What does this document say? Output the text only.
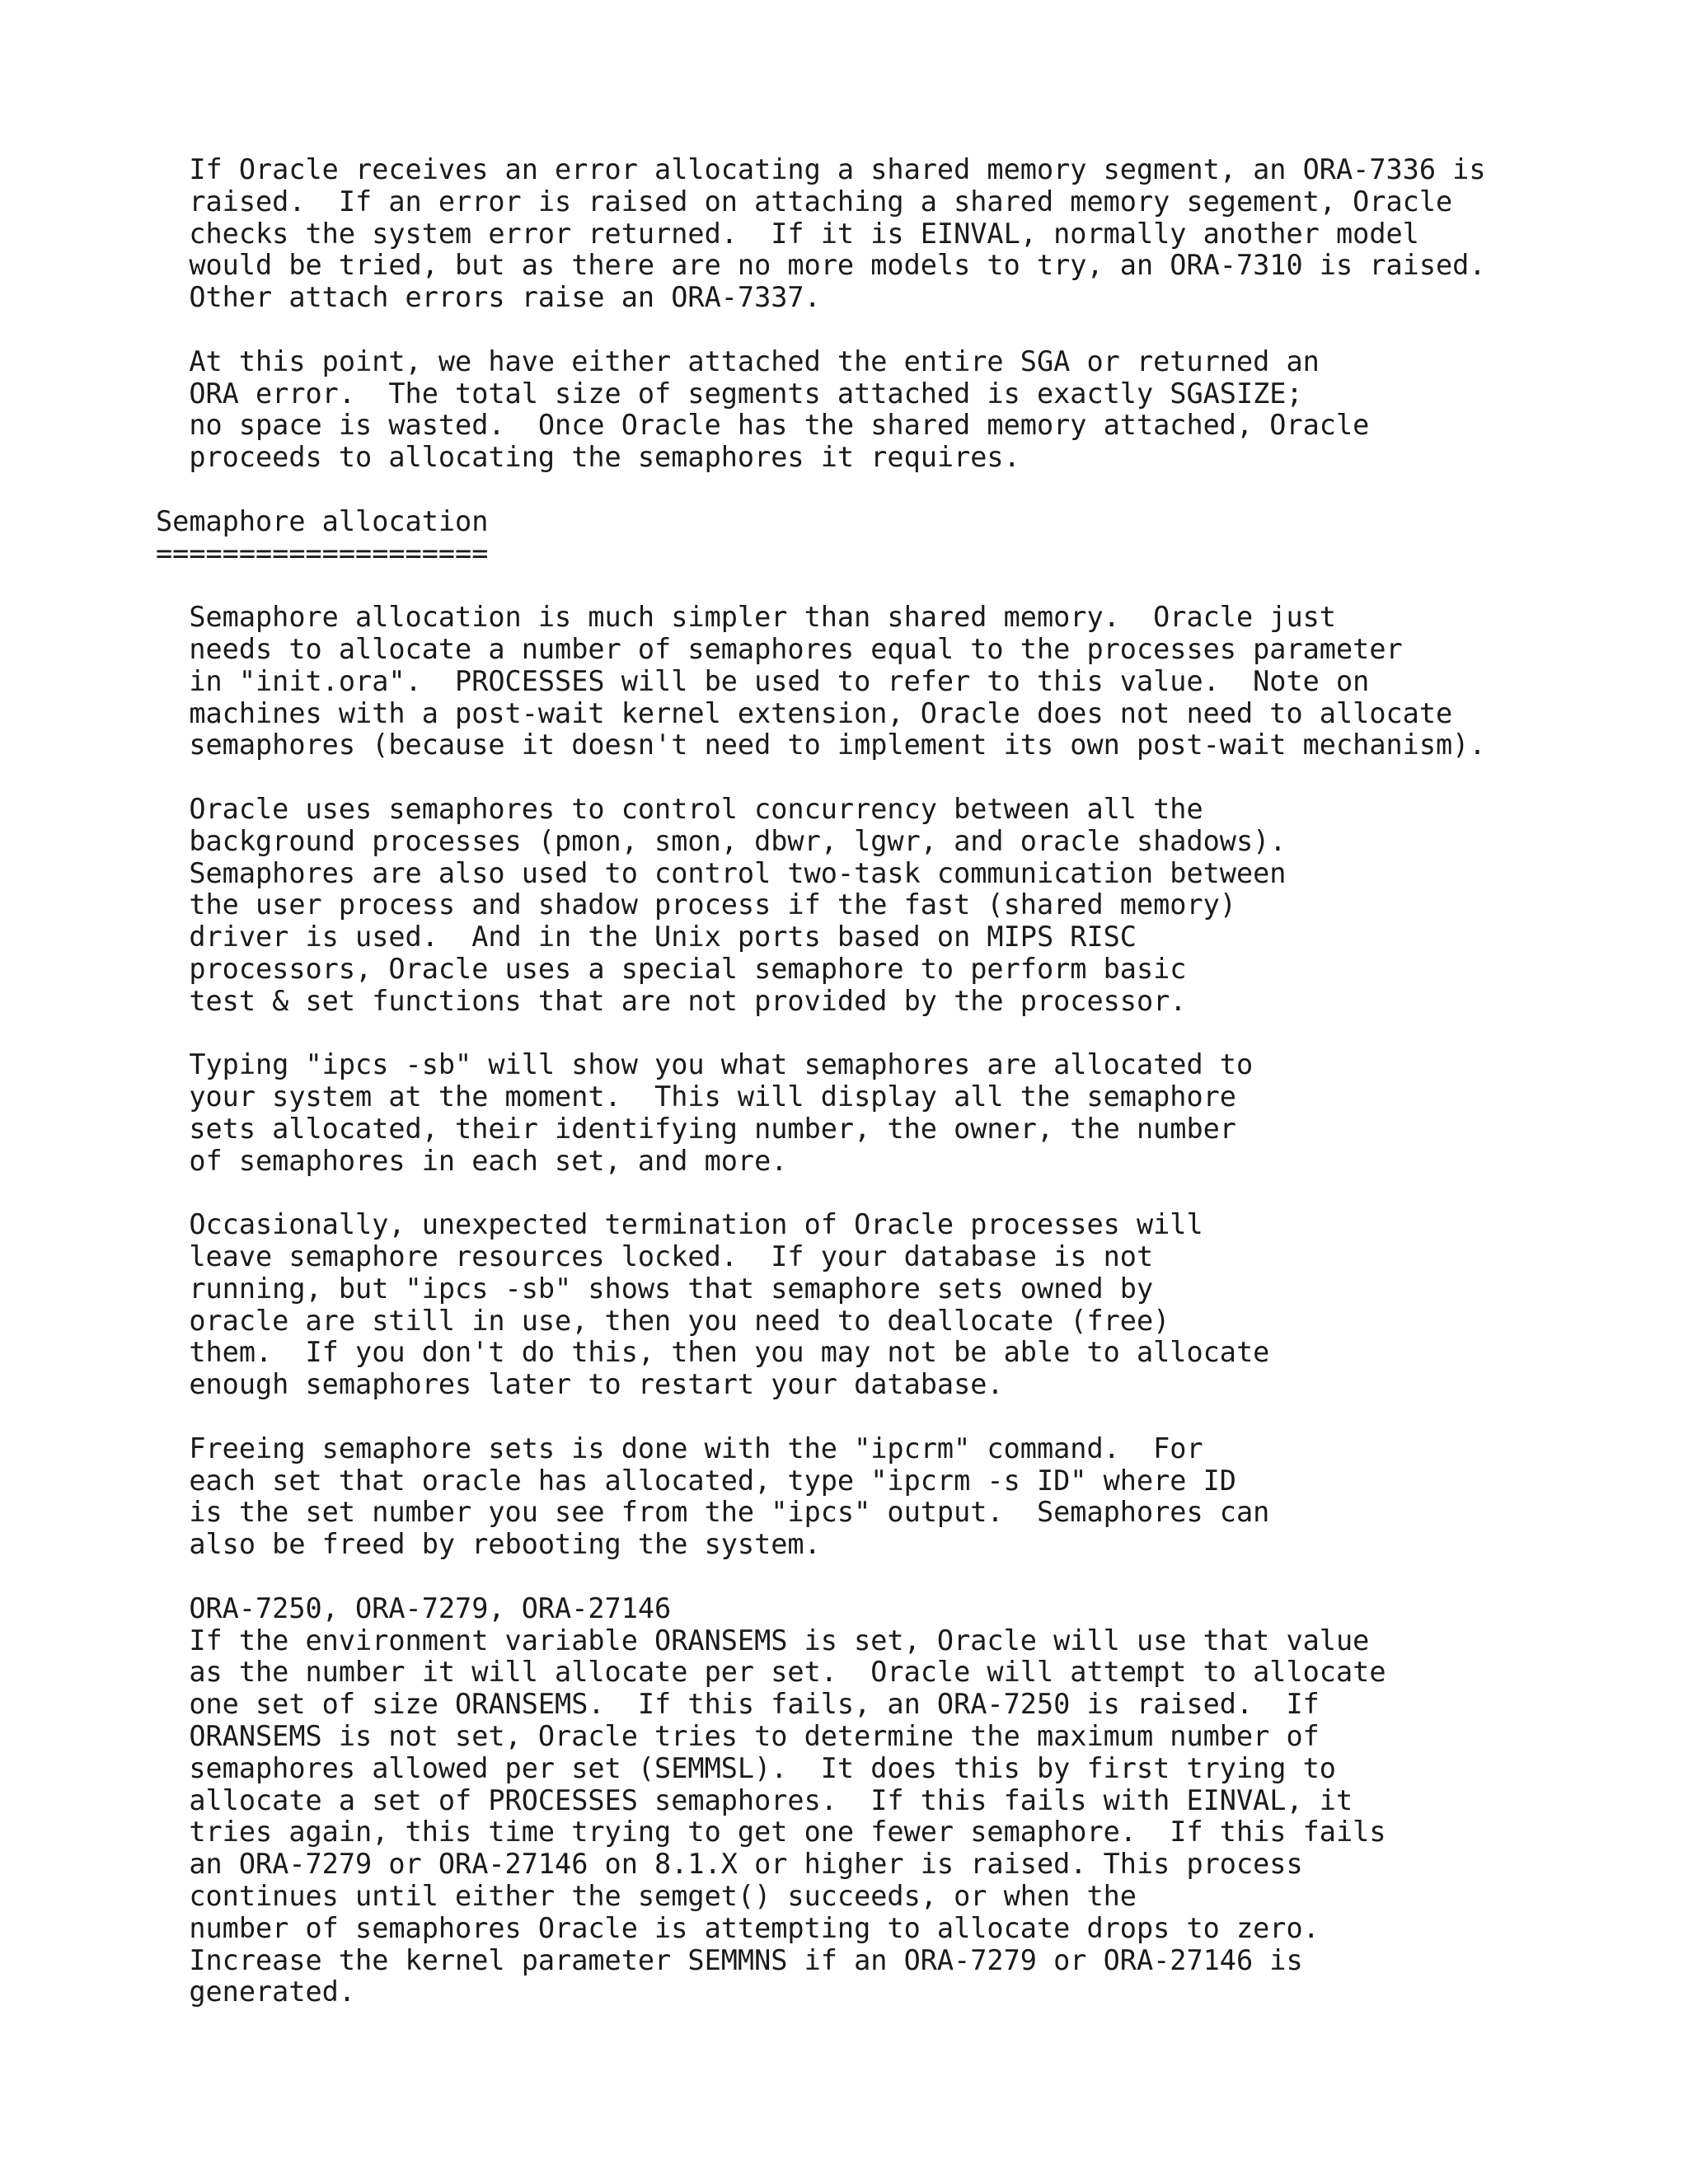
If Oracle receives an error allocating a shared memory segment, an ORA-7336 is
raised.  If an error is raised on attaching a shared memory segement, Oracle
checks the system error returned.  If it is EINVAL, normally another model
would be tried, but as there are no more models to try, an ORA-7310 is raised.
Other attach errors raise an ORA-7337.
At this point, we have either attached the entire SGA or returned an
ORA error.  The total size of segments attached is exactly SGASIZE;
no space is wasted.  Once Oracle has the shared memory attached, Oracle
proceeds to allocating the semaphores it requires.
Semaphore allocation
====================
Semaphore allocation is much simpler than shared memory.  Oracle just
needs to allocate a number of semaphores equal to the processes parameter
in "init.ora".  PROCESSES will be used to refer to this value.  Note on
machines with a post-wait kernel extension, Oracle does not need to allocate
semaphores (because it doesn't need to implement its own post-wait mechanism).
Oracle uses semaphores to control concurrency between all the
background processes (pmon, smon, dbwr, lgwr, and oracle shadows).
Semaphores are also used to control two-task communication between
the user process and shadow process if the fast (shared memory)
driver is used.  And in the Unix ports based on MIPS RISC
processors, Oracle uses a special semaphore to perform basic
test & set functions that are not provided by the processor.
Typing "ipcs -sb" will show you what semaphores are allocated to
your system at the moment.  This will display all the semaphore
sets allocated, their identifying number, the owner, the number
of semaphores in each set, and more.
Occasionally, unexpected termination of Oracle processes will
leave semaphore resources locked.  If your database is not
running, but "ipcs -sb" shows that semaphore sets owned by
oracle are still in use, then you need to deallocate (free)
them.  If you don't do this, then you may not be able to allocate
enough semaphores later to restart your database.
Freeing semaphore sets is done with the "ipcrm" command.  For
each set that oracle has allocated, type "ipcrm -s ID" where ID
is the set number you see from the "ipcs" output.  Semaphores can
also be freed by rebooting the system.
ORA-7250, ORA-7279, ORA-27146
If the environment variable ORANSEMS is set, Oracle will use that value
as the number it will allocate per set.  Oracle will attempt to allocate
one set of size ORANSEMS.  If this fails, an ORA-7250 is raised.  If
ORANSEMS is not set, Oracle tries to determine the maximum number of
semaphores allowed per set (SEMMSL).  It does this by first trying to
allocate a set of PROCESSES semaphores.  If this fails with EINVAL, it
tries again, this time trying to get one fewer semaphore.  If this fails
an ORA-7279 or ORA-27146 on 8.1.X or higher is raised. This process
continues until either the semget() succeeds, or when the
number of semaphores Oracle is attempting to allocate drops to zero.
Increase the kernel parameter SEMMNS if an ORA-7279 or ORA-27146 is
generated.
